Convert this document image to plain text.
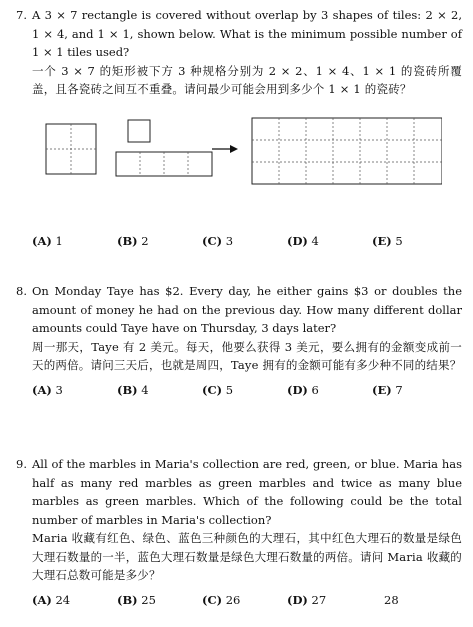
7. A 3 × 7 rectangle is covered without overlap by 3 shapes of tiles: 2 × 2, 1 × 4, and 1 × 1, shown below. What is the minimum possible number of 1 × 1 tiles used?
一个 3 × 7 的矩形被下方 3 种规格分别为 2 × 2、1 × 4、1 × 1 的瓷砖所覆盖，且各瓷砖之间互不重叠。请问最少可能会用到多少个 1 × 1 的瓷砖？
(A) 1	(B) 2	(C) 3	(D) 4	(E) 5
8. On Monday Taye has $2. Every day, he either gains $3 or doubles the amount of money he had on the previous day. How many different dollar amounts could Taye have on Thursday, 3 days later?
周一那天，Taye 有 2 美元。每天，他要么获得 3 美元，要么拥有的金额变成前一天的两倍。请问三天后，也就是周四，Taye 拥有的金额可能有多少种不同的结果？
(A) 3	(B) 4	(C) 5	(D) 6	(E) 7
9. All of the marbles in Maria's collection are red, green, or blue. Maria has half as many red marbles as green marbles and twice as many blue marbles as green marbles. Which of the following could be the total number of marbles in Maria's collection?
Maria 收藏有红色、绿色、蓝色三种颜色的大理石，其中红色大理石的数量是绿色大理石数量的一半，蓝色大理石数量是绿色大理石数量的两倍。请问 Maria 收藏的大理石总数可能是多少？
(A) 24	(B) 25	(C) 26	(D) 27	28
